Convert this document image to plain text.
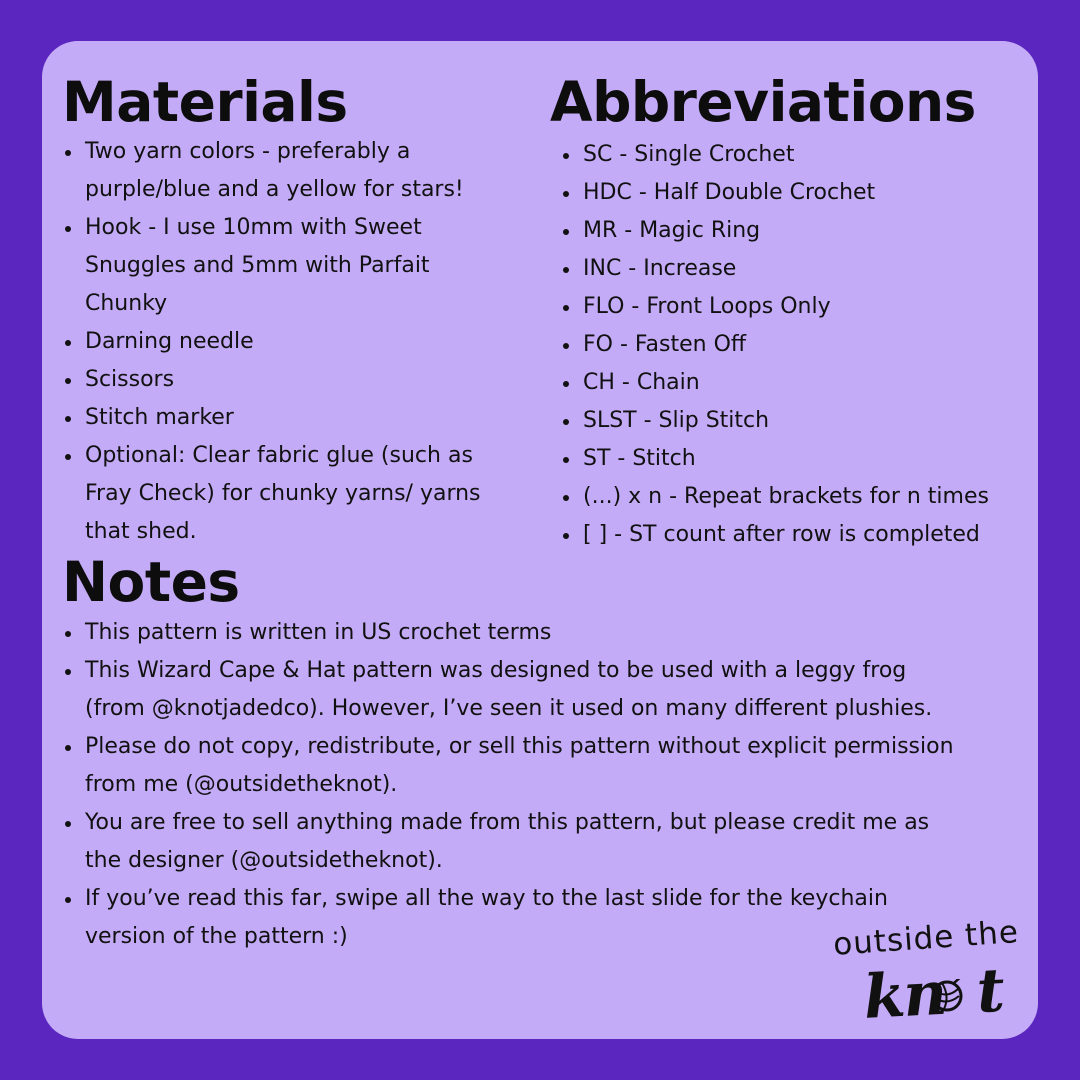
Materials
Two yarn colors - preferably a
purple/blue and a yellow for stars!
Hook - I use 10mm with Sweet
Snuggles and 5mm with Parfait
Chunky
Darning needle
Scissors
Stitch marker
Optional: Clear fabric glue (such as
Fray Check) for chunky yarns/ yarns
that shed.
Abbreviations
SC - Single Crochet
HDC - Half Double Crochet
MR - Magic Ring
INC - Increase
FLO - Front Loops Only
FO - Fasten Off
CH - Chain
SLST - Slip Stitch
ST - Stitch
(...) x n - Repeat brackets for n times
[ ] - ST count after row is completed
Notes
This pattern is written in US crochet terms
This Wizard Cape & Hat pattern was designed to be used with a leggy frog
(from @knotjadedco). However, I’ve seen it used on many different plushies.
Please do not copy, redistribute, or sell this pattern without explicit permission
from me (@outsidetheknot).
You are free to sell anything made from this pattern, but please credit me as
the designer (@outsidetheknot).
If you’ve read this far, swipe all the way to the last slide for the keychain
version of the pattern :)	outside the
kn t
